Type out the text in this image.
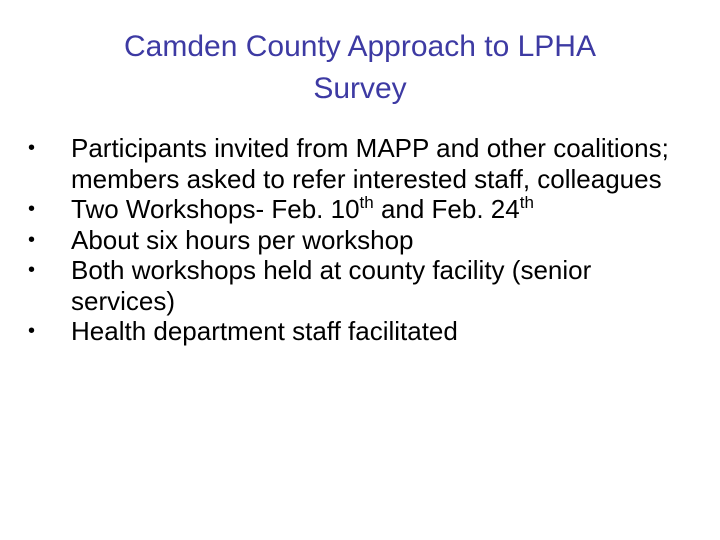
Camden County Approach to LPHA
Survey
•	Participants invited from MAPP and other coalitions; members asked to refer interested staff, colleagues
•	Two Workshops- Feb. 10th and Feb. 24th
•	About six hours per workshop
•	Both workshops held at county facility (senior services)
•	Health department staff facilitated
